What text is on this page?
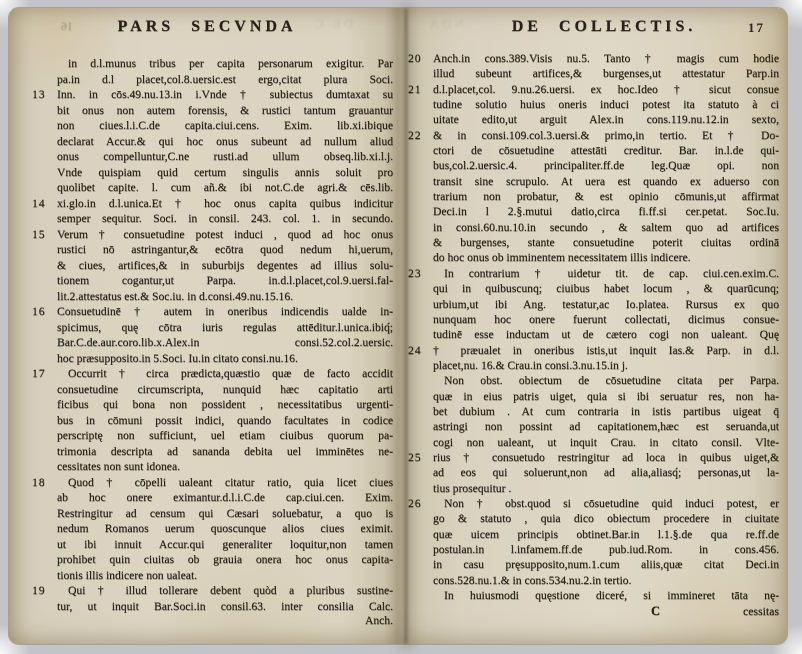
16	PARS SECVNDA	DE C
in d.l.munus tribus per capita personarum exigitur. Par
pa.in d.l placet,col.8.uersic.est ergo,citat plura Soci.
13 Inn. in cōs.49.nu.13.in i.Vnde † subiectus dumtaxat su
bit onus non autem forensis, & rustici tantum grauantur
non ciues.l.i.C.de capita.ciui.cens. Exim. lib.xi.ibique
declarat Accur.& qui hoc onus subeunt ad nullum aliud
onus compelluntur,C.ne rusti.ad ullum obseq.lib.xi.l.j.
Vnde quispiam quid certum singulis annis soluit pro
quolibet capite. l. cum añ.& ibi not.C.de agri.& cēs.lib.
14 xi.glo.in d.l.unica.Et † hoc onus capita quibus indicitur
semper sequitur. Soci. in consil. 243. col. 1. in secundo.
15 Verum † consuetudine potest induci , quod ad hoc onus
rustici nō astringantur,& ecōtra quod nedum hi,uerum,
& ciues, artifices,& in suburbijs degentes ad illius solu-
tionem cogantur,ut Parpa. in.d.l.placet,col.9.uersi.fal-
lit.2.attestatus est.& Soc.iu. in d.consi.49.nu.15.16.
16 Consuetudinē † autem in oneribus indicendis ualde in-
spicimus, quę cōtra iuris regulas attēditur.l.unica.ibiq́;
Bar.C.de.aur.coro.lib.x.Alex.in consi.52.col.2.uersic.
hoc præsupposito.in 5.Soci. Iu.in citato consi.nu.16.
17	Occurrit † circa prædicta,quæstio quæ de facto accidit
consuetudine circumscripta, nunquid hæc capitatio arti
ficibus qui bona non possident , necessitatibus urgenti-
bus in cōmuni possit indici, quando facultates in codice
perscriptę non sufficiunt, uel etiam ciuibus quorum pa-
trimonia descripta ad sananda debita uel imminētes ne-
cessitates non sunt idonea.
18	Quod † cōpelli ualeant citatur ratio, quia licet ciues
ab hoc onere eximantur.d.l.i.C.de cap.ciui.cen. Exim.
Restringitur ad censum qui Cæsari soluebatur, a quo is
nedum Romanos uerum quoscunque alios ciues eximit.
ut ibi innuit Accur.qui generaliter loquitur,non tamen
prohibet quin ciuitas ob grauia onera hoc onus capita-
tionis illis indicere non ualeat.
19	Qui † illud tollerare debent quòd a pluribus sustine-
tur, ut inquit Bar.Soci.in consil.63. inter consilia Calc.
Anch.
NDA	DE COLLECTIS.	17
20 Anch.in cons.389.Visis nu.5. Tanto † magis cum hodie
illud subeunt artifices,& burgenses,ut attestatur Parp.in
21 d.l.placet,col. 9.nu.26.uersi. ex hoc.Ideo † sicut consue
tudine solutio huius oneris induci potest ita statuto à ci
uitate edito,ut arguit Alex.in cons.119.nu.12.in sexto,
22 & in consi.109.col.3.uersi.& primo,in tertio. Et † Do-
ctori de cōsuetudine attestāti creditur. Bar. in.l.de qui-
bus,col.2.uersic.4. principaliter.ff.de leg.Quæ opi. non
transit sine scrupulo. At uera est quando ex aduerso con
trarium non probatur, & est opinio cōmunis,ut affirmat
Deci.in l 2.§.mutui datio,circa fi.ff.si cer.petat. Soc.Iu.
in consi.60.nu.10.in secundo , & saltem quo ad artifices
& burgenses, stante consuetudine poterit ciuitas ordinā
do hoc onus ob imminentem necessitatem illis indicere.
23	In contrarium † uidetur tit. de cap. ciui.cen.exim.C.
qui in quibuscunq; ciuibus habet locum , & quarūcunq;
urbium,ut ibi Ang. testatur,ac Io.platea. Rursus ex quo
nunquam hoc onere fuerunt collectati, dicimus consue-
tudinē esse inductam ut de cætero cogi non ualeant. Quę
24 † præualet in oneribus istis,ut inquit Ias.& Parp. in d.l.
placet,nu. 16.& Crau.in consi.3.nu.15.in j.
Non obst. obiectum de cōsuetudine citata per Parpa.
quæ in eius patris uiget, quia si ibi seruatur res, non ha-
bet dubium . At cum contraria in istis partibus uigeat q̄
astringi non possint ad capitationem,hæc est seruanda,ut
cogi non ualeant, ut inquit Crau. in citato consil. Vlte-
25 rius † consuetudo restringitur ad loca in quibus uiget,&
ad eos qui soluerunt,non ad alia,aliasq́; personas,ut la-
tius prosequitur .
26	Non † obst.quod si cōsuetudine quid induci potest, er
go & statuto , quia dico obiectum procedere in ciuitate
quæ uicem principis obtinet.Bar.in l.1.§.de qua re.ff.de
postulan.in l.infamem.ff.de pub.iud.Rom. in cons.456.
in casu pręsupposito,num.1.cum aliis,quæ citat Deci.in
cons.528.nu.1.& in cons.534.nu.2.in tertio.
In huiusmodi quęstione diceré, si immineret tāta nę-
C	cessitas
